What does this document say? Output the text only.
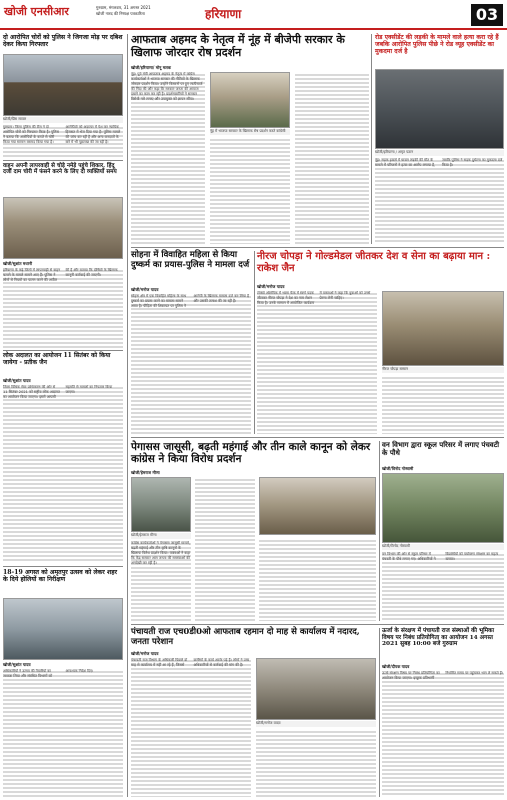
खोजी एनसीआर	गुरुग्राम, मंगलवार, 31 अगस्त 2021
खोजी नारद की निष्पक्ष पत्रकारिता	हरियाणा	03
दो आरोपित चोरों को पुलिस ने जिगजा मोड़ पर दबिश देकर किया गिरफ्तार
खोजी/प्रिंस सावल
गुरुग्राम। जिला पुलिस की टीम ने दो आरोपित चोरों को गिरफ्तार किया है। पुलिस ने बताया कि आरोपियों के कब्जे से चोरी किया गया सामान बरामद किया गया है। आरोपियों को अदालत में पेश कर न्यायिक हिरासत में भेज दिया गया है। पुलिस मामले की जांच कर रही है और अन्य वारदातों के बारे में भी पूछताछ की जा रही है।
वाहन अपनी लापरवाही से चोड़े नमेड़े पहुंचे शिकार, हिंदू दर्जी दाम चोरी में फंसने करने के लिए दो व्यक्तियों समय
खोजी/सुशांत मधानी
हरियाणा के कई जिलों में लापरवाही से वाहन चलाने के मामले सामने आए हैं। पुलिस ने लोगों से नियमों का पालन करने की अपील की है और बताया कि दोषियों के खिलाफ कानूनी कार्रवाई की जाएगी।
लोक अदालत का आयोजन 11 सितंबर को किया जायेगा - प्रतीक जैन
खोजी/सुशांत यादव
जिला विधिक सेवा प्राधिकरण की ओर से 11 सितंबर 2021 को राष्ट्रीय लोक अदालत का आयोजन किया जाएगा। इसमें आपसी सहमति से मामलों का निपटारा किया जाएगा।
18-19 अगस्त को अमृतपुर उत्सव को लेकर शहर के दिये होलियों का निरीक्षण
खोजी/सुशांत यादव
अधिकारियों ने उत्सव की तैयारियों का जायजा लिया और संबंधित विभागों को आवश्यक निर्देश दिए।
आफताब अहमद के नेतृत्व में नूंह में बीजेपी सरकार के खिलाफ जोरदार रोष प्रदर्शन
खोजी/हरियाणा/ मोनू मलक
नूंह। पूर्व मंत्री आफताब अहमद के नेतृत्व में कांग्रेस कार्यकर्ताओं ने भाजपा सरकार की नीतियों के खिलाफ जोरदार प्रदर्शन किया। उन्होंने किसानों पर हुए लाठीचार्ज की निंदा की और कहा कि सरकार जनता की आवाज दबाने का काम कर रही है। प्रदर्शनकारियों ने सरकार विरोधी नारे लगाए और उपायुक्त को ज्ञापन सौंपा।
नूंह में भाजपा सरकार के खिलाफ रोष प्रदर्शन करते कांग्रेसी
रोड एक्सीडेंट की लड़की के मामले वाले हत्या करा रहे हैं जबकि आरोपित पुलिस पीछे ने रोड व्यूह एक्सीडेंट का मुकदमा दर्ज है
खोजी/हरियाणा / अमृत पठान
नूंह। सड़क हादसे में घायल लड़की की मौत के मामले में परिजनों ने हत्या का आरोप लगाया है, जबकि पुलिस ने सड़क दुर्घटना का मुकदमा दर्ज किया है।
सोहना में विवाहित महिला से किया दुष्कर्म का प्रयास-पुलिस ने मामला दर्ज
खोजी/मनोज यादव
सोहना क्षेत्र में एक विवाहित महिला के साथ दुष्कर्म का प्रयास करने का मामला सामने आया है। पीड़िता की शिकायत पर पुलिस ने आरोपी के खिलाफ मामला दर्ज कर लिया है और उसकी तलाश की जा रही है।
नीरज चोपड़ा ने गोल्डमेडल जीतकर देश व सेना का बढ़ाया मान : राकेश जैन
खोजी/मनोज यादव
टोक्यो ओलंपिक में भाला फेंक में स्वर्ण पदक जीतकर नीरज चोपड़ा ने देश का नाम रोशन किया है। उनके सम्मान में आयोजित कार्यक्रम में वक्ताओं ने कहा कि युवाओं को उनसे प्रेरणा लेनी चाहिए।
नीरज चोपड़ा सम्मान
पेगासस जासूसी, बढ़ती महंगाई और तीन काले कानून को लेकर कांग्रेस ने किया विरोध प्रदर्शन
खोजी/हेमराज मीणा
खोजी/हेमराज मीणा
कांग्रेस कार्यकर्ताओं ने पेगासस जासूसी मामले, बढ़ती महंगाई और तीन कृषि कानूनों के खिलाफ विरोध प्रदर्शन किया। वक्ताओं ने कहा कि केंद्र सरकार आम जनता की समस्याओं की अनदेखी कर रही है।
वन विभाग द्वारा स्कूल परिसर में लगाए पंचवटी के पौधे
खोजी/विनोद गोस्वामी
खोजी/विनोद गोस्वामी
वन विभाग की ओर से स्कूल परिसर में पंचवटी के पौधे लगाए गए। अधिकारियों ने विद्यार्थियों को पर्यावरण संरक्षण का महत्व बताया।
पंचायती राज एच0डी0ओ आफताब रहमान दो माह से कार्यालय में नदारद, जनता परेशान
खोजी/मनोज यादव
पंचायती राज विभाग के अधिकारी पिछले दो माह से कार्यालय में नहीं आ रहे हैं, जिससे ग्रामीणों के कार्य अटके पड़े हैं। लोगों ने उच्च अधिकारियों से कार्रवाई की मांग की है।
खोजी/मनोज यादव
ऊर्जा के संरक्षण में पंचायती राज संस्थाओं की भूमिका विषय पर निबंध प्रतियोगिता का आयोजन 14 अगस्त 2021 सुबह 10:00 बजे गुरुग्राम
खोजी/दीपक यादव
ऊर्जा संरक्षण विषय पर निबंध प्रतियोगिता का आयोजन किया जाएगा। इच्छुक प्रतिभागी निर्धारित समय पर पहुंचकर भाग ले सकते हैं।
